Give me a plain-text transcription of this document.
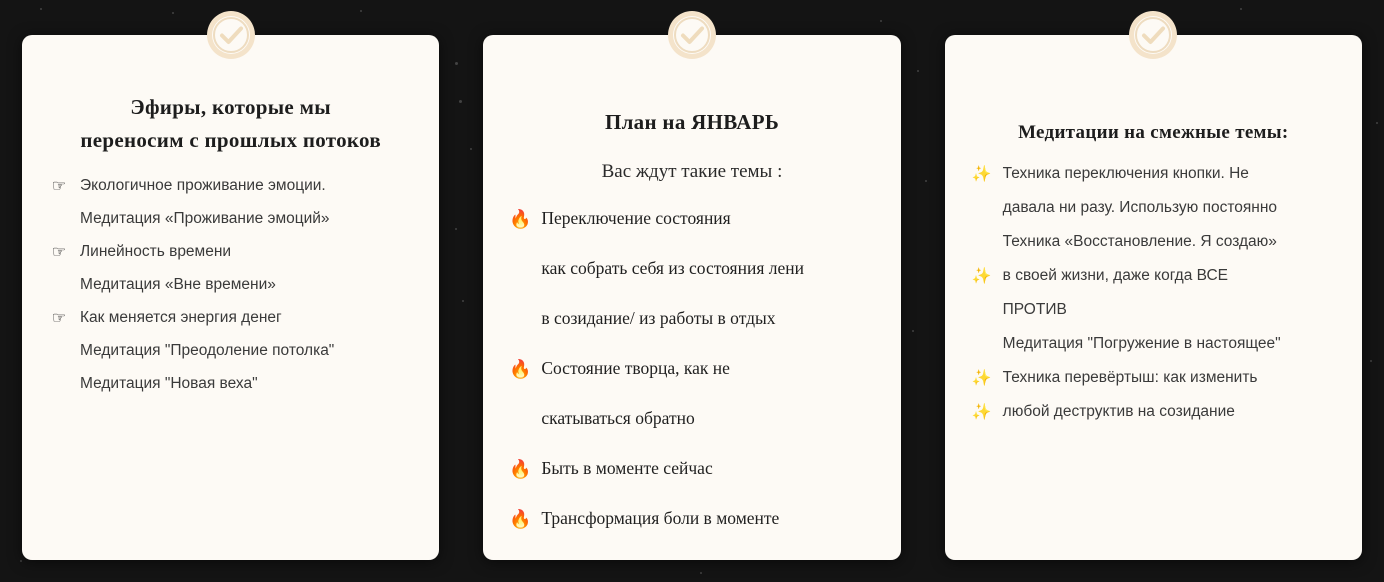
Эфиры, которые мы
переносим с прошлых потоков
☞ Экологичное проживание эмоции.
Медитация «Проживание эмоций»
☞ Линейность времени
Медитация «Вне времени»
☞ Как меняется энергия денег
Медитация "Преодоление потолка"
Медитация "Новая веха"
План на ЯНВАРЬ
Вас ждут такие темы :
🔥 Переключение состояния
как собрать себя из состояния лени
в созидание/ из работы в отдых
🔥 Состояние творца, как не
скатываться обратно
🔥 Быть в моменте сейчас
🔥 Трансформация боли в моменте
Медитации на смежные темы:
✨ Техника переключения кнопки. Не
давала ни разу. Использую постоянно
Техника «Восстановление. Я создаю»
✨ в своей жизни, даже когда ВСЕ
ПРОТИВ
Медитация "Погружение в настоящее"
✨ Техника перевёртыш: как изменить
✨ любой деструктив на созидание
